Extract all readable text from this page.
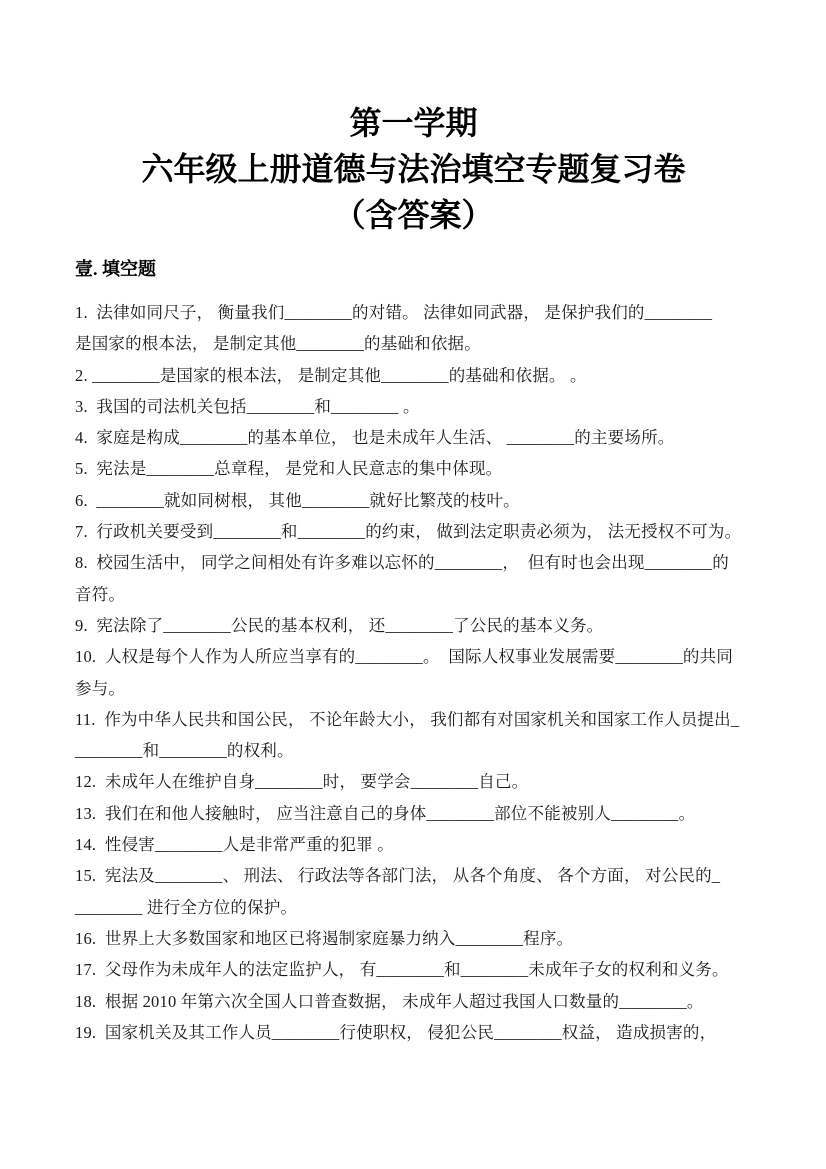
第一学期
六年级上册道德与法治填空专题复习卷
（含答案）
壹. 填空题
1.  法律如同尺子， 衡量我们________的对错。 法律如同武器， 是保护我们的________
是国家的根本法， 是制定其他________的基础和依据。
2. ________是国家的根本法， 是制定其他________的基础和依据。 。
3.  我国的司法机关包括________和________ 。
4.  家庭是构成________的基本单位， 也是未成年人生活、 ________的主要场所。
5.  宪法是________总章程， 是党和人民意志的集中体现。
6.  ________就如同树根， 其他________就好比繁茂的枝叶。
7.  行政机关要受到________和________的约束， 做到法定职责必须为， 法无授权不可为。
8.  校园生活中， 同学之间相处有许多难以忘怀的________，  但有时也会出现________的
音符。
9.  宪法除了________公民的基本权利， 还________了公民的基本义务。
10.  人权是每个人作为人所应当享有的________。  国际人权事业发展需要________的共同
参与。
11.  作为中华人民共和国公民， 不论年龄大小， 我们都有对国家机关和国家工作人员提出_
________和________的权利。
12.  未成年人在维护自身________时， 要学会________自己。
13.  我们在和他人接触时， 应当注意自己的身体________部位不能被别人________。
14.  性侵害________人是非常严重的犯罪 。
15.  宪法及________、 刑法、 行政法等各部门法， 从各个角度、 各个方面， 对公民的_
________ 进行全方位的保护。
16.  世界上大多数国家和地区已将遏制家庭暴力纳入________程序。
17.  父母作为未成年人的法定监护人， 有________和________未成年子女的权利和义务。
18.  根据 2010 年第六次全国人口普查数据， 未成年人超过我国人口数量的________。
19.  国家机关及其工作人员________行使职权， 侵犯公民________权益， 造成损害的，
